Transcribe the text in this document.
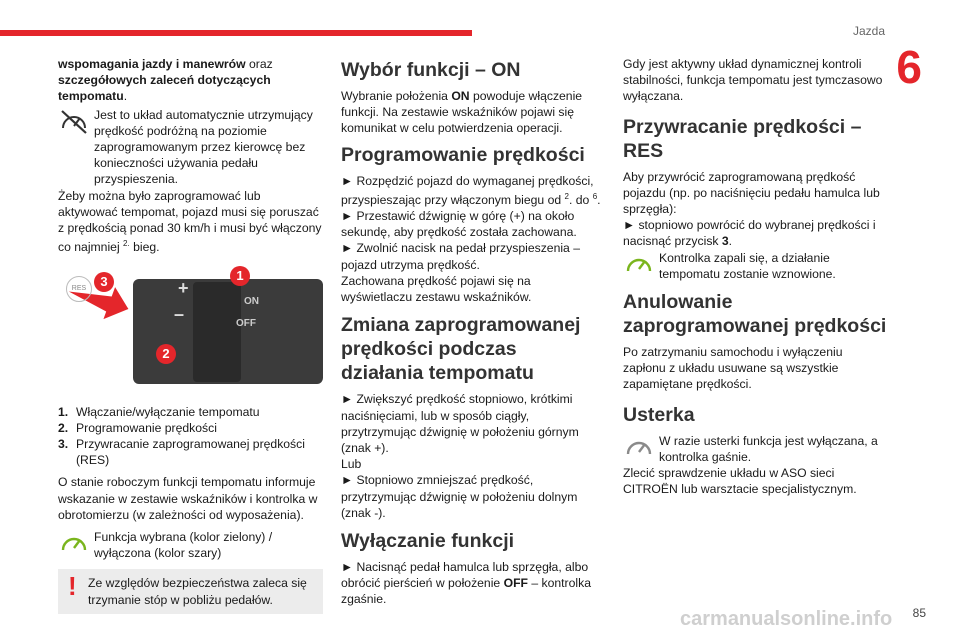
Jazda
6

wspomagania jazdy i manewrów oraz szczegółowych zaleceń dotyczących tempomatu.

Jest to układ automatycznie utrzymujący prędkość podróżną na poziomie zaprogramowanym przez kierowcę bez konieczności używania pedału przyspieszenia.

Żeby można było zaprogramować lub aktywować tempomat, pojazd musi się poruszać z prędkością ponad 30 km/h i musi być włączony co najmniej $^{2.}$ bieg.

RES	3	1
2
+
–
ON
OFF
1. Włączanie/wyłączanie tempomatu
2. Programowanie prędkości
3. Przywracanie zaprogramowanej prędkości (RES)

O stanie roboczym funkcji tempomatu informuje wskazanie w zestawie wskaźników i kontrolka w obrotomierzu (w zależności od wyposażenia).

Funkcja wybrana (kolor zielony) / wyłączona (kolor szary)
! Ze względów bezpieczeństwa zaleca się trzymanie stóp w pobliżu pedałów.
Wybór funkcji – ON

Wybranie położenia ON powoduje włączenie funkcji. Na zestawie wskaźników pojawi się komunikat w celu potwierdzenia operacji.

Programowanie prędkości
► Rozpędzić pojazd do wymaganej prędkości, przyspieszając przy włączonym biegu od $^2$. do $^6$.
► Przestawić dźwignię w górę (+) na około sekundę, aby prędkość została zachowana.
► Zwolnić nacisk na pedał przyspieszenia – pojazd utrzyma prędkość.
Zachowana prędkość pojawi się na wyświetlaczu zestawu wskaźników.
Zmiana zaprogramowanej prędkości podczas działania tempomatu
► Zwiększyć prędkość stopniowo, krótkimi naciśnięciami, lub w sposób ciągły, przytrzymując dźwignię w położeniu górnym (znak +).
Lub
► Stopniowo zmniejszać prędkość, przytrzymując dźwignię w położeniu dolnym (znak -).
Wyłączanie funkcji

► Nacisnąć pedał hamulca lub sprzęgła, albo obrócić pierścień w położenie OFF – kontrolka zgaśnie.

Gdy jest aktywny układ dynamicznej kontroli stabilności, funkcja tempomatu jest tymczasowo wyłączana.

Przywracanie prędkości – RES

Aby przywrócić zaprogramowaną prędkość pojazdu (np. po naciśnięciu pedału hamulca lub sprzęgła):

► stopniowo powrócić do wybranej prędkości i nacisnąć przycisk 3.

Kontrolka zapali się, a działanie tempomatu zostanie wznowione.
Anulowanie zaprogramowanej prędkości

Po zatrzymaniu samochodu i wyłączeniu zapłonu z układu usuwane są wszystkie zapamiętane prędkości.

Usterka
W razie usterki funkcja jest wyłączana, a kontrolka gaśnie.

Zlecić sprawdzenie układu w ASO sieci CITROËN lub warsztacie specjalistycznym.

carmanualsonline.info 85
